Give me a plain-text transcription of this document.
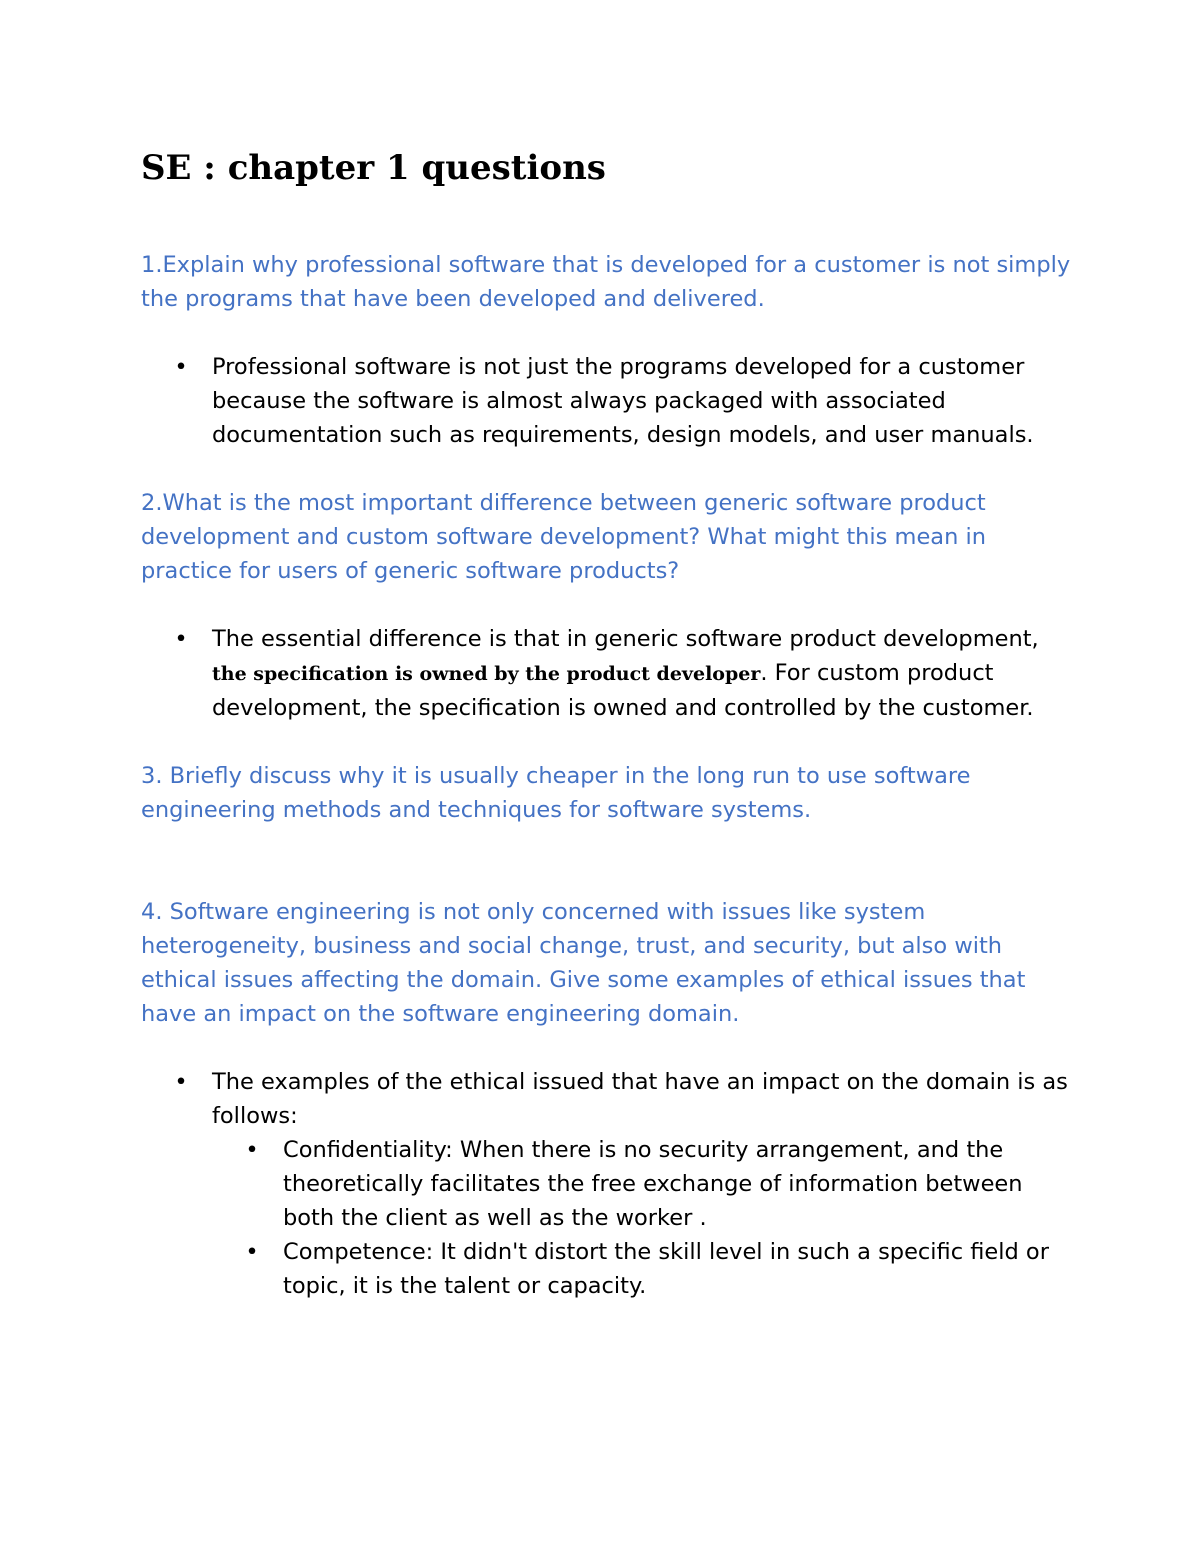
SE : chapter 1 questions

1.Explain why professional software that is developed for a customer is not simply the programs that have been developed and delivered.

• Professional software is not just the programs developed for a customer because the software is almost always packaged with associated documentation such as requirements, design models, and user manuals.

2.What is the most important difference between generic software product development and custom software development? What might this mean in practice for users of generic software products?

• The essential difference is that in generic software product development, the specification is owned by the product developer. For custom product development, the specification is owned and controlled by the customer.

3. Briefly discuss why it is usually cheaper in the long run to use software engineering methods and techniques for software systems.

4. Software engineering is not only concerned with issues like system heterogeneity, business and social change, trust, and security, but also with ethical issues affecting the domain. Give some examples of ethical issues that have an impact on the software engineering domain.

• The examples of the ethical issued that have an impact on the domain is as follows:
• Confidentiality: When there is no security arrangement, and the theoretically facilitates the free exchange of information between both the client as well as the worker .
• Competence: It didn't distort the skill level in such a specific field or topic, it is the talent or capacity.
